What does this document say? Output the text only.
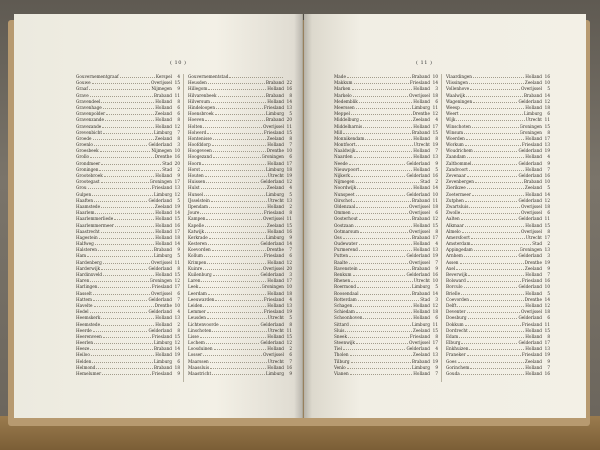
( 10 )
Gouvernementgraaf	Kerspel	4
Gouwe	Overijssel 15
Graaf	Nijmegen	9
Grave	Braband 11
Gravendeel	Holland	8
Gravenhage	Holland	6
Gravenpolder	Zeeland	6
Gravenzande	Holland	8
Gravezande	Holland 12
Grevenbicht	Limburg	7
Groede	Zeeland	8
Groenlo	Gelderland	3
Groesbeek	Nijmegen 10
Grollo	Drenthe 16
Grondmeer	Stad 20
Groningen	Stad	2
Grootebroek	Holland	9
Grootegast	Groningen 17
Grou	Friesland 13
Gulpen	Limburg 12
Haaften	Gelderland	5
Haamstede	Zeeland 19
Haarlem	Holland 14
Haarlemmerliede	Holland 15
Haarlemmermeer	Holland 16
Haastrecht	Holland 17
Hagestein	Holland 18
Halfweg	Holland 14
Halsteren	Braband	9
Ham	Limburg	5
Hardenberg	Overijssel 11
Harderwijk	Gelderland	8
Hardinxveld	Holland 15
Haren	Groningen 12
Harlingen	Friesland 17
Hasselt	Overijssel	6
Hattem	Gelderland	7
Havelte	Drenthe 10
Hedel	Gelderland	4
Heemskerk	Holland 13
Heemstede	Holland	2
Heerde	Gelderland	8
Heerenveen	Friesland 15
Heerlen	Limburg 12
Heeze	Braband 14
Heiloo	Holland 19
Helden	Limburg	6
Helmond	Braband 18
Hemelumer	Friesland	9
Gouvernementstad
Heusden	Braband 22
Hillegom	Holland 16
Hilvarenbeek	Braband	8
Hilversum	Holland 14
Hindeloopen	Friesland 13
Hoensbroek	Limburg	5
Hoeven	Braband 20
Holten	Overijssel 11
Holwerd	Friesland 15
Hontenisse	Zeeland	8
Hoofddorp	Holland	7
Hoogeveen	Drenthe 10
Hoogezand	Groningen	6
Hoorn	Holland 17
Horst	Limburg 18
Houten	Utrecht 19
Huissen	Gelderland 12
Hulst	Zeeland	4
Hunsel	Limburg	5
IJsselstein	Utrecht 13
Ilpendam	Holland	2
Joure	Friesland	8
Kampen	Overijssel 11
Kapelle	Zeeland 15
Katwijk	Holland 16
Kerkrade	Limburg	9
Kesteren	Gelderland 14
Koevorden	Drenthe	7
Kollum	Friesland	6
Krimpen	Holland 12
Kuinre	Overijssel 20
Kuilenburg	Gelderland	3
Laren	Holland 17
Leek	Groningen 10
Leerdam	Holland 18
Leeuwarden	Friesland	4
Leiden	Holland 13
Lemmer	Friesland 19
Leusden	Utrecht	5
Lichtenvoorde	Gelderland	8
Linschoten	Utrecht 11
Lisse	Holland 15
Lochem	Gelderland 12
Loosduinen	Holland	2
Losser	Overijssel	6
Maarssen	Utrecht	7
Maassluis	Holland 16
Maastricht	Limburg	9
( 11 )
Made	Braband 10
Makkum	Friesland 14
Marken	Holland	3
Markelo	Overijssel 18
Medemblik	Holland	6
Meerssen	Limburg 11
Meppel	Drenthe 12
Middelburg	Zeeland	4
Middelharnis	Holland 17
Mill	Braband 15
Monnikendam	Holland	8
Montfoort	Utrecht 19
Naaldwijk	Holland	7
Naarden	Holland 13
Neede	Gelderland	9
Nieuwpoort	Holland	5
Nijkerk	Gelderland 16
Nijmegen	Stad	2
Noordwijk	Holland 14
Nunspeet	Gelderland 10
Oirschot	Braband 11
Oldenzaal	Overijssel 18
Ommen	Overijssel	6
Oosterhout	Braband 12
Oostzaan	Holland 15
Ootmarsum	Overijssel	8
Oss	Braband 17
Oudewater	Holland	4
Purmerend	Holland 13
Putten	Gelderland 19
Raalte	Overijssel	7
Ravenstein	Braband	9
Renkum	Gelderland 16
Rhenen	Utrecht 10
Roermond	Limburg	5
Roosendaal	Braband 14
Rotterdam	Stad	3
Schagen	Holland 12
Schiedam	Holland 18
Schoonhoven	Holland	6
Sittard	Limburg 11
Sluis	Zeeland 15
Sneek	Friesland	8
Steenwijk	Overijssel 17
Tiel	Gelderland	4
Tholen	Zeeland 13
Tilburg	Braband 19
Venlo	Limburg	9
Vianen	Holland	7
Vlaardingen	Holland 16
Vlissingen	Zeeland 10
Vollenhove	Overijssel	5
Waalwijk	Braband 14
Wageningen	Gelderland 12
Weesp	Holland 18
Weert	Limburg	6
Wijk	Utrecht 11
Winschoten	Groningen 15
Winsum	Groningen	8
Woerden	Holland 17
Workum	Friesland 13
Woudrichem	Gelderland 19
Zaandam	Holland	4
Zaltbommel	Gelderland	9
Zandvoort	Holland	7
Zevenaar	Gelderland 16
Zevenbergen	Braband 10
Zierikzee	Zeeland	5
Zoetermeer	Holland 14
Zutphen	Gelderland 12
Zwartsluis	Overijssel 18
Zwolle	Overijssel	6
Aalten	Gelderland 11
Alkmaar	Holland 15
Almelo	Overijssel	8
Amersfoort	Utrecht 17
Amsterdam	Stad	2
Appingedam	Groningen 13
Arnhem	Gelderland	3
Assen	Drenthe 19
Axel	Zeeland	9
Beverwijk	Holland	7
Bolsward	Friesland 16
Borculo	Gelderland 10
Brielle	Holland	5
Coevorden	Drenthe 14
Delft	Holland 12
Deventer	Overijssel 18
Doesburg	Gelderland	6
Dokkum	Friesland 11
Dordrecht	Holland 15
Edam	Holland	8
Elburg	Gelderland 17
Enkhuizen	Holland 13
Franeker	Friesland 19
Goes	Zeeland	9
Gorinchem	Holland	7
Gouda	Holland 16
